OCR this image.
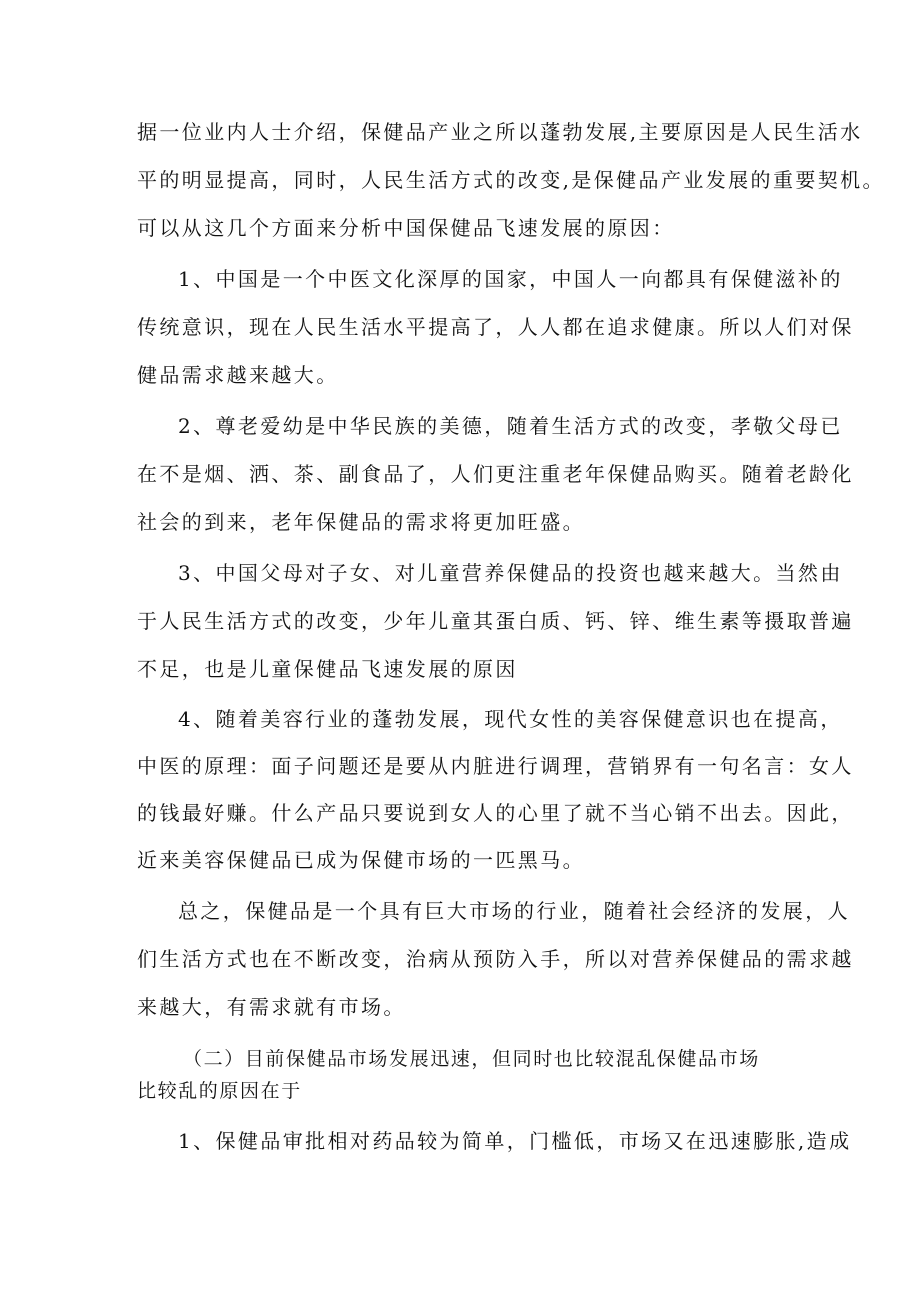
据一位业内人士介绍，保健品产业之所以蓬勃发展,主要原因是人民生活水
平的明显提高，同时，人民生活方式的改变,是保健品产业发展的重要契机。
可以从这几个方面来分析中国保健品飞速发展的原因：
1、中国是一个中医文化深厚的国家，中国人一向都具有保健滋补的
传统意识，现在人民生活水平提高了，人人都在追求健康。所以人们对保
健品需求越来越大。
2、尊老爱幼是中华民族的美德，随着生活方式的改变，孝敬父母已
在不是烟、洒、茶、副食品了，人们更注重老年保健品购买。随着老龄化
社会的到来，老年保健品的需求将更加旺盛。
3、中国父母对子女、对儿童营养保健品的投资也越来越大。当然由
于人民生活方式的改变，少年儿童其蛋白质、钙、锌、维生素等摄取普遍
不足，也是儿童保健品飞速发展的原因
4、随着美容行业的蓬勃发展，现代女性的美容保健意识也在提高，
中医的原理：面子问题还是要从内脏进行调理，营销界有一句名言：女人
的钱最好赚。什么产品只要说到女人的心里了就不当心销不出去。因此，
近来美容保健品已成为保健市场的一匹黑马。
总之，保健品是一个具有巨大市场的行业，随着社会经济的发展，人
们生活方式也在不断改变，治病从预防入手，所以对营养保健品的需求越
来越大，有需求就有市场。
（二）目前保健品市场发展迅速，但同时也比较混乱保健品市场
比较乱的原因在于
1、保健品审批相对药品较为简单，门槛低，市场又在迅速膨胀,造成
